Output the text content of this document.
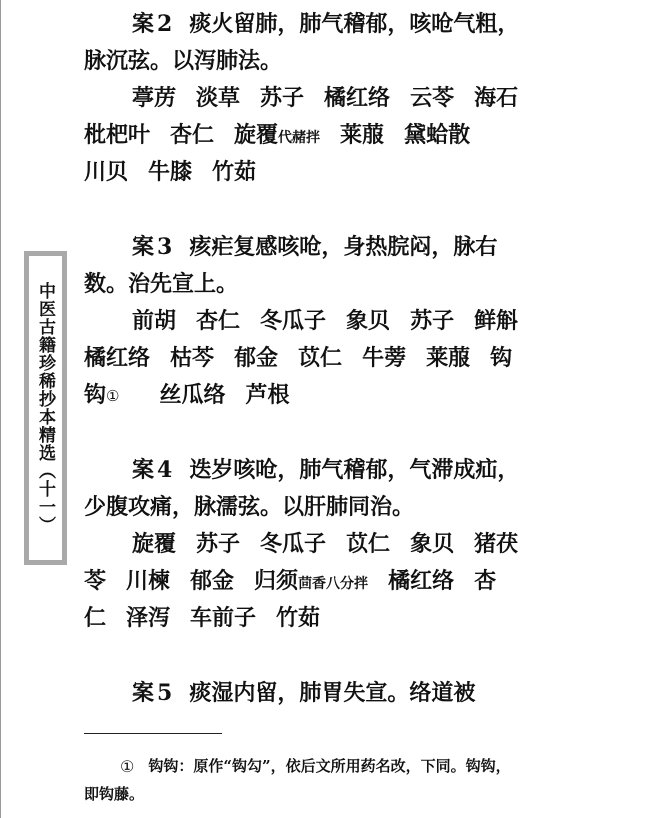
中医古籍珍稀抄本精选（十一）
案2 痰火留肺，肺气稽郁，咳呛气粗，
脉沉弦。以泻肺法。
葶苈 淡草 苏子 橘红络 云苓 海石
枇杷叶 杏仁 旋覆代赭拌 莱菔 黛蛤散
川贝 牛膝 竹茹
案3 痎疟复感咳呛，身热脘闷，脉右
数。治先宣上。
前胡 杏仁 冬瓜子 象贝 苏子 鲜斛
橘红络 枯芩 郁金 苡仁 牛蒡 莱菔 钩
钩① 丝瓜络 芦根
案4 迭岁咳呛，肺气稽郁，气滞成疝，
少腹攻痛，脉濡弦。以肝肺同治。
旋覆 苏子 冬瓜子 苡仁 象贝 猪茯
苓 川楝 郁金 归须茴香八分拌 橘红络 杏
仁 泽泻 车前子 竹茹
案5 痰湿内留，肺胃失宣。络道被
① 钩钩：原作“钩勾”，依后文所用药名改，下同。钩钩，
即钩藤。
